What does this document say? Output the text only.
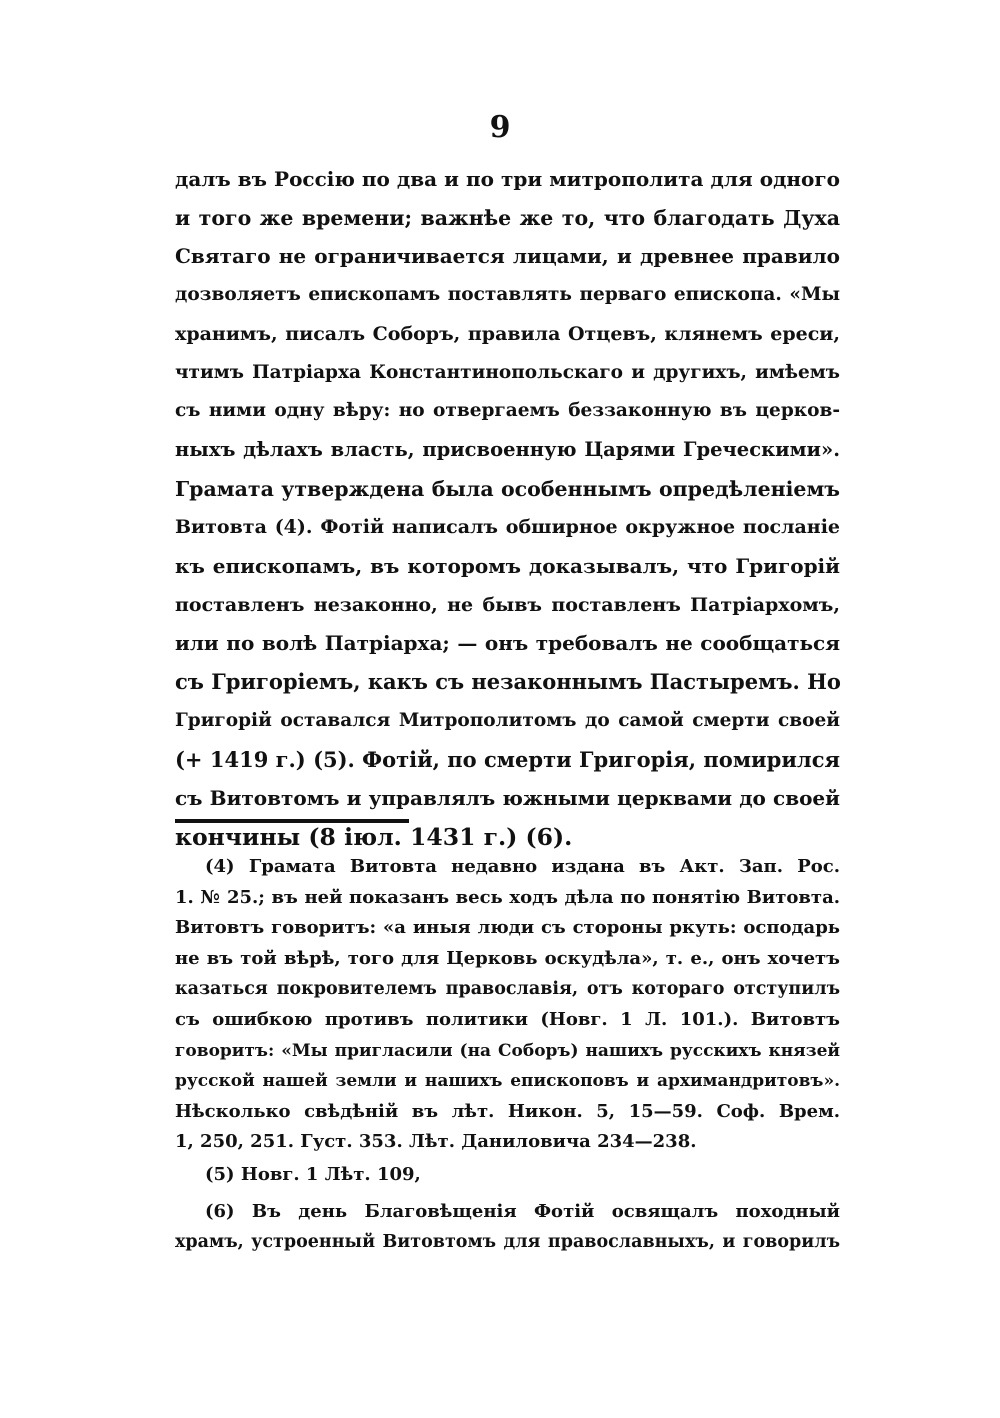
9
далъ въ Россію по два и по три митрополита для одного
и того же времени; важнѣе же то, что благодать Духа
Святаго не ограничивается лицами, и древнее правило
дозволяетъ епископамъ поставлять перваго епископа. «Мы
хранимъ, писалъ Соборъ, правила Отцевъ, клянемъ ереси,
чтимъ Патріарха Константинопольскаго и другихъ, имѣемъ
съ ними одну вѣру: но отвергаемъ беззаконную въ церков-
ныхъ дѣлахъ власть, присвоенную Царями Греческими».
Грамата утверждена была особеннымъ опредѣленіемъ
Витовта (4). Фотій написалъ обширное окружное посланіе
къ епископамъ, въ которомъ доказывалъ, что Григорій
поставленъ незаконно, не бывъ поставленъ Патріархомъ,
или по волѣ Патріарха; — онъ требовалъ не сообщаться
съ Григоріемъ, какъ съ незаконнымъ Пастыремъ. Но
Григорій оставался Митрополитомъ до самой смерти своей
(+ 1419 г.) (5). Фотій, по смерти Григорія, помирился
съ Витовтомъ и управлялъ южными церквами до своей
кончины (8 іюл. 1431 г.) (6).
(4) Грамата Витовта недавно издана въ Акт. Зап. Рос.
1. № 25.; въ ней показанъ весь ходъ дѣла по понятію Витовта.
Витовтъ говоритъ: «а иныя люди съ стороны ркуть: осподарь
не въ той вѣрѣ, того для Церковь оскудѣла», т. е., онъ хочетъ
казаться покровителемъ православія, отъ котораго отступилъ
съ ошибкою противъ политики (Новг. 1 Л. 101.). Витовтъ
говоритъ: «Мы пригласили (на Соборъ) нашихъ русскихъ князей
русской нашей земли и нашихъ епископовъ и архимандритовъ».
Нѣсколько свѣдѣній въ лѣт. Никон. 5, 15—59. Соф. Врем.
1, 250, 251. Густ. 353. Лѣт. Даниловича 234—238.
(5) Новг. 1 Лѣт. 109,
(6) Въ день Благовѣщенія Фотій освящалъ походный
храмъ, устроенный Витовтомъ для православныхъ, и говорилъ
